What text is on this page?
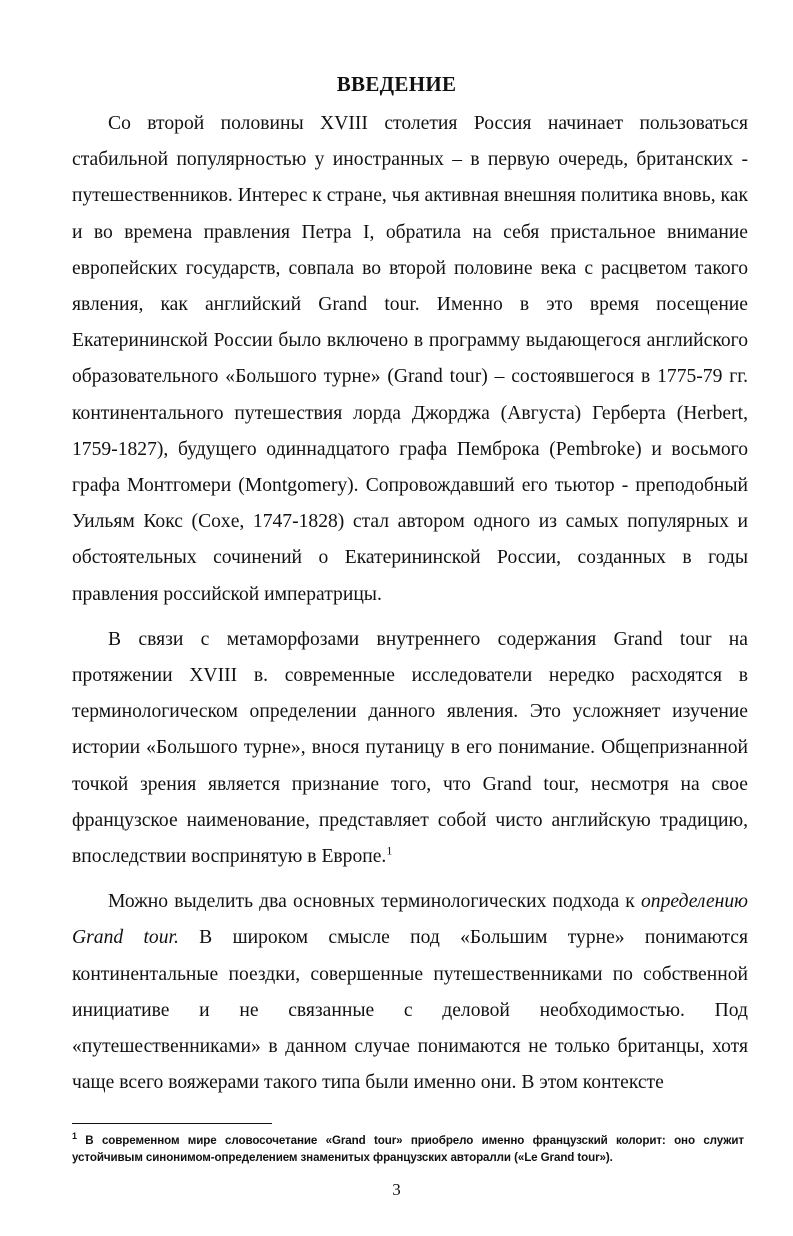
ВВЕДЕНИЕ
Со второй половины XVIII столетия Россия начинает пользоваться стабильной популярностью у иностранных – в первую очередь, британских - путешественников. Интерес к стране, чья активная внешняя политика вновь, как и во времена правления Петра I, обратила на себя пристальное внимание европейских государств, совпала во второй половине века с расцветом такого явления, как английский Grand tour. Именно в это время посещение Екатерининской России было включено в программу выдающегося английского образовательного «Большого турне» (Grand tour) – состоявшегося в 1775-79 гг. континентального путешествия лорда Джорджа (Августа) Герберта (Herbert, 1759-1827), будущего одиннадцатого графа Пемброка (Pembroke) и восьмого графа Монтгомери (Montgomery). Сопровождавший его тьютор - преподобный Уильям Кокс (Coxe, 1747-1828) стал автором одного из самых популярных и обстоятельных сочинений о Екатерининской России, созданных в годы правления российской императрицы.
В связи с метаморфозами внутреннего содержания Grand tour на протяжении XVIII в. современные исследователи нередко расходятся в терминологическом определении данного явления. Это усложняет изучение истории «Большого турне», внося путаницу в его понимание. Общепризнанной точкой зрения является признание того, что Grand tour, несмотря на свое французское наименование, представляет собой чисто английскую традицию, впоследствии воспринятую в Европе.$^1$
Можно выделить два основных терминологических подхода к определению Grand tour. В широком смысле под «Большим турне» понимаются континентальные поездки, совершенные путешественниками по собственной инициативе и не связанные с деловой необходимостью. Под «путешественниками» в данном случае понимаются не только британцы, хотя чаще всего вояжерами такого типа были именно они. В этом контексте
$^1$ В современном мире словосочетание «Grand tour» приобрело именно французский колорит: оно служит устойчивым синонимом-определением знаменитых французских авторалли («Le Grand tour»).
3
